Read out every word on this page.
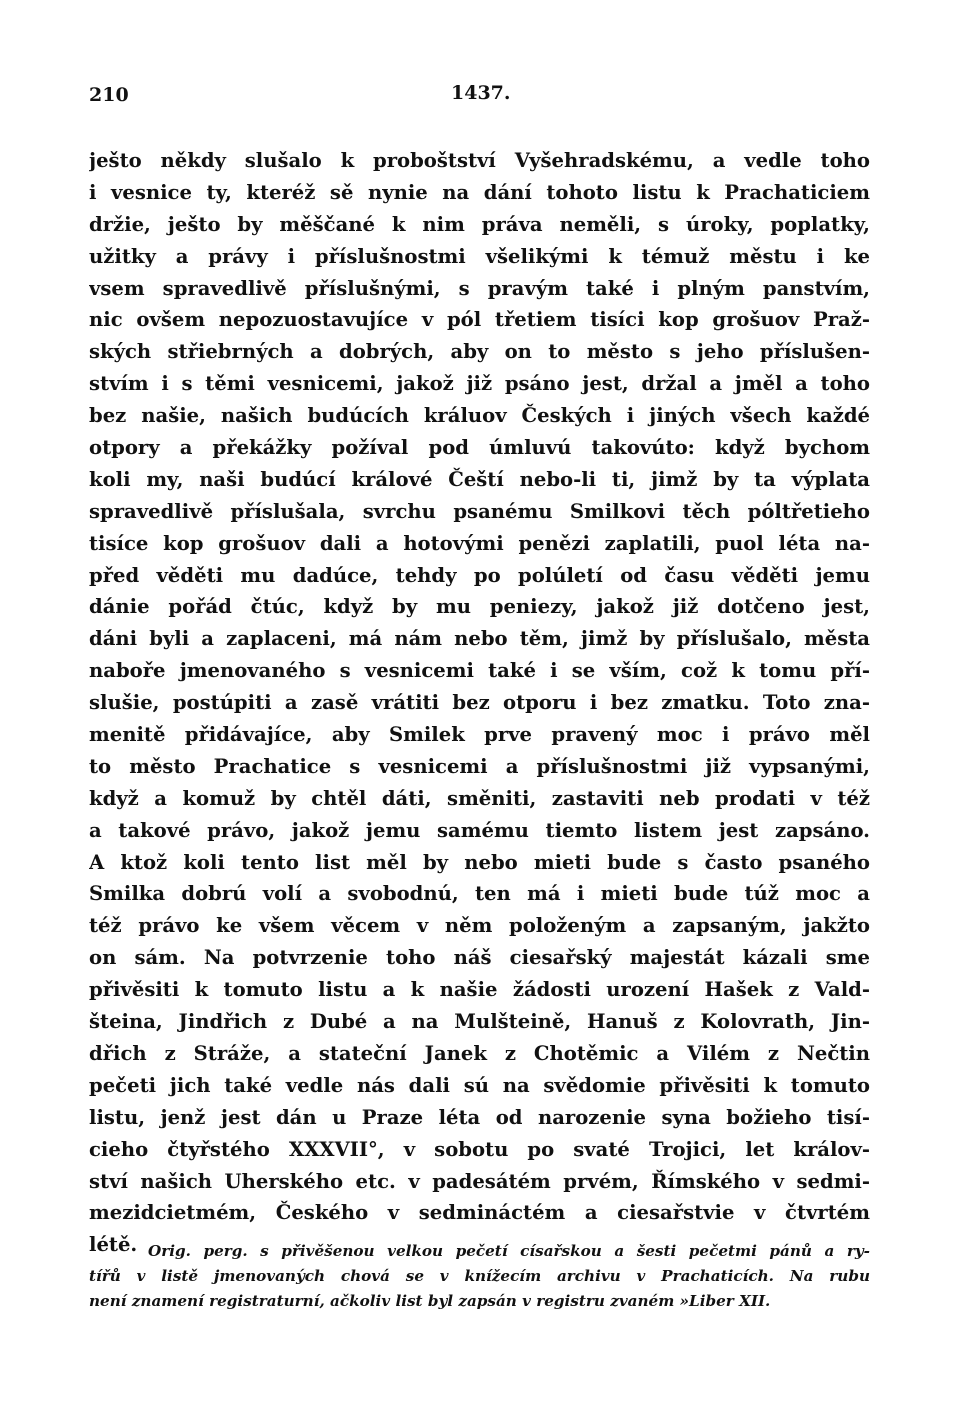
210	1437.
ješto někdy slušalo k proboštství Vyšehradskému, a vedle toho
i vesnice ty, kteréž sě nynie na dání tohoto listu k Prachaticiem
držie, ješto by měščané k nim práva neměli, s úroky, poplatky,
užitky a právy i příslušnostmi všelikými k témuž městu i ke
vsem spravedlivě příslušnými, s pravým také i plným panstvím,
nic ovšem nepozuostavujíce v pól třetiem tisíci kop grošuov Praž-
ských střiebrných a dobrých, aby on to město s jeho příslušen-
stvím i s těmi vesnicemi, jakož již psáno jest, držal a jměl a toho
bez našie, našich budúcích králuov Českých i jiných všech každé
otpory a překážky požíval pod úmluvú takovúto: když bychom
koli my, naši budúcí králové Čeští nebo-li ti, jimž by ta výplata
spravedlivě příslušala, svrchu psanému Smilkovi těch póltřetieho
tisíce kop grošuov dali a hotovými penězi zaplatili, puol léta na-
před věděti mu dadúce, tehdy po polúletí od času věděti jemu
dánie pořád čtúc, když by mu peniezy, jakož již dotčeno jest,
dáni byli a zaplaceni, má nám nebo těm, jimž by příslušalo, města
nabořе jmenovaného s vesnicemi také i se vším, což k tomu pří-
slušie, postúpiti a zasě vrátiti bez otporu i bez zmatku. Toto zna-
menitě přidávajíce, aby Smilek prve pravený moc i právo měl
to město Prachatice s vesnicemi a příslušnostmi již vypsanými,
když a komuž by chtěl dáti, směniti, zastaviti neb prodati v též
a takové právo, jakož jemu samému tiemto listem jest zapsáno.
A ktož koli tento list měl by nebo mieti bude s často psaného
Smilka dobrú volí a svobodnú, ten má i mieti bude túž moc a
též právo ke všem věcem v něm položeným a zapsaným, jakžto
on sám. Na potvrzenie toho náš ciesařský majestát kázali sme
přivěsiti k tomuto listu a k našie žádosti urození Hašek z Vald-
šteina, Jindřich z Dubé a na Mulšteině, Hanuš z Kolovrath, Jin-
dřich z Stráže, a stateční Janek z Chotěmic a Vilém z Nečtin
pečeti jich také vedle nás dali sú na svědomie přivěsiti k tomuto
listu, jenž jest dán u Praze léta od narozenie syna božieho tisí-
cieho čtyřstého XXXVII°, v sobotu po svaté Trojici, let králov-
ství našich Uherského etc. v padesátém prvém, Římského v sedmi-
mezidcietmém, Českého v sedmináctém a ciesařstvie v čtvrtém
létě. Orig. perg. s přivěšenou velkou pečetí císařskou a šesti pečetmi pánů a ry-
tířů v listě jmenovaných chová se v knížecím archivu v Prachaticích. Na rubu
není znamení registraturní, ačkoliv list byl zapsán v registru zvaném »Liber XII.
